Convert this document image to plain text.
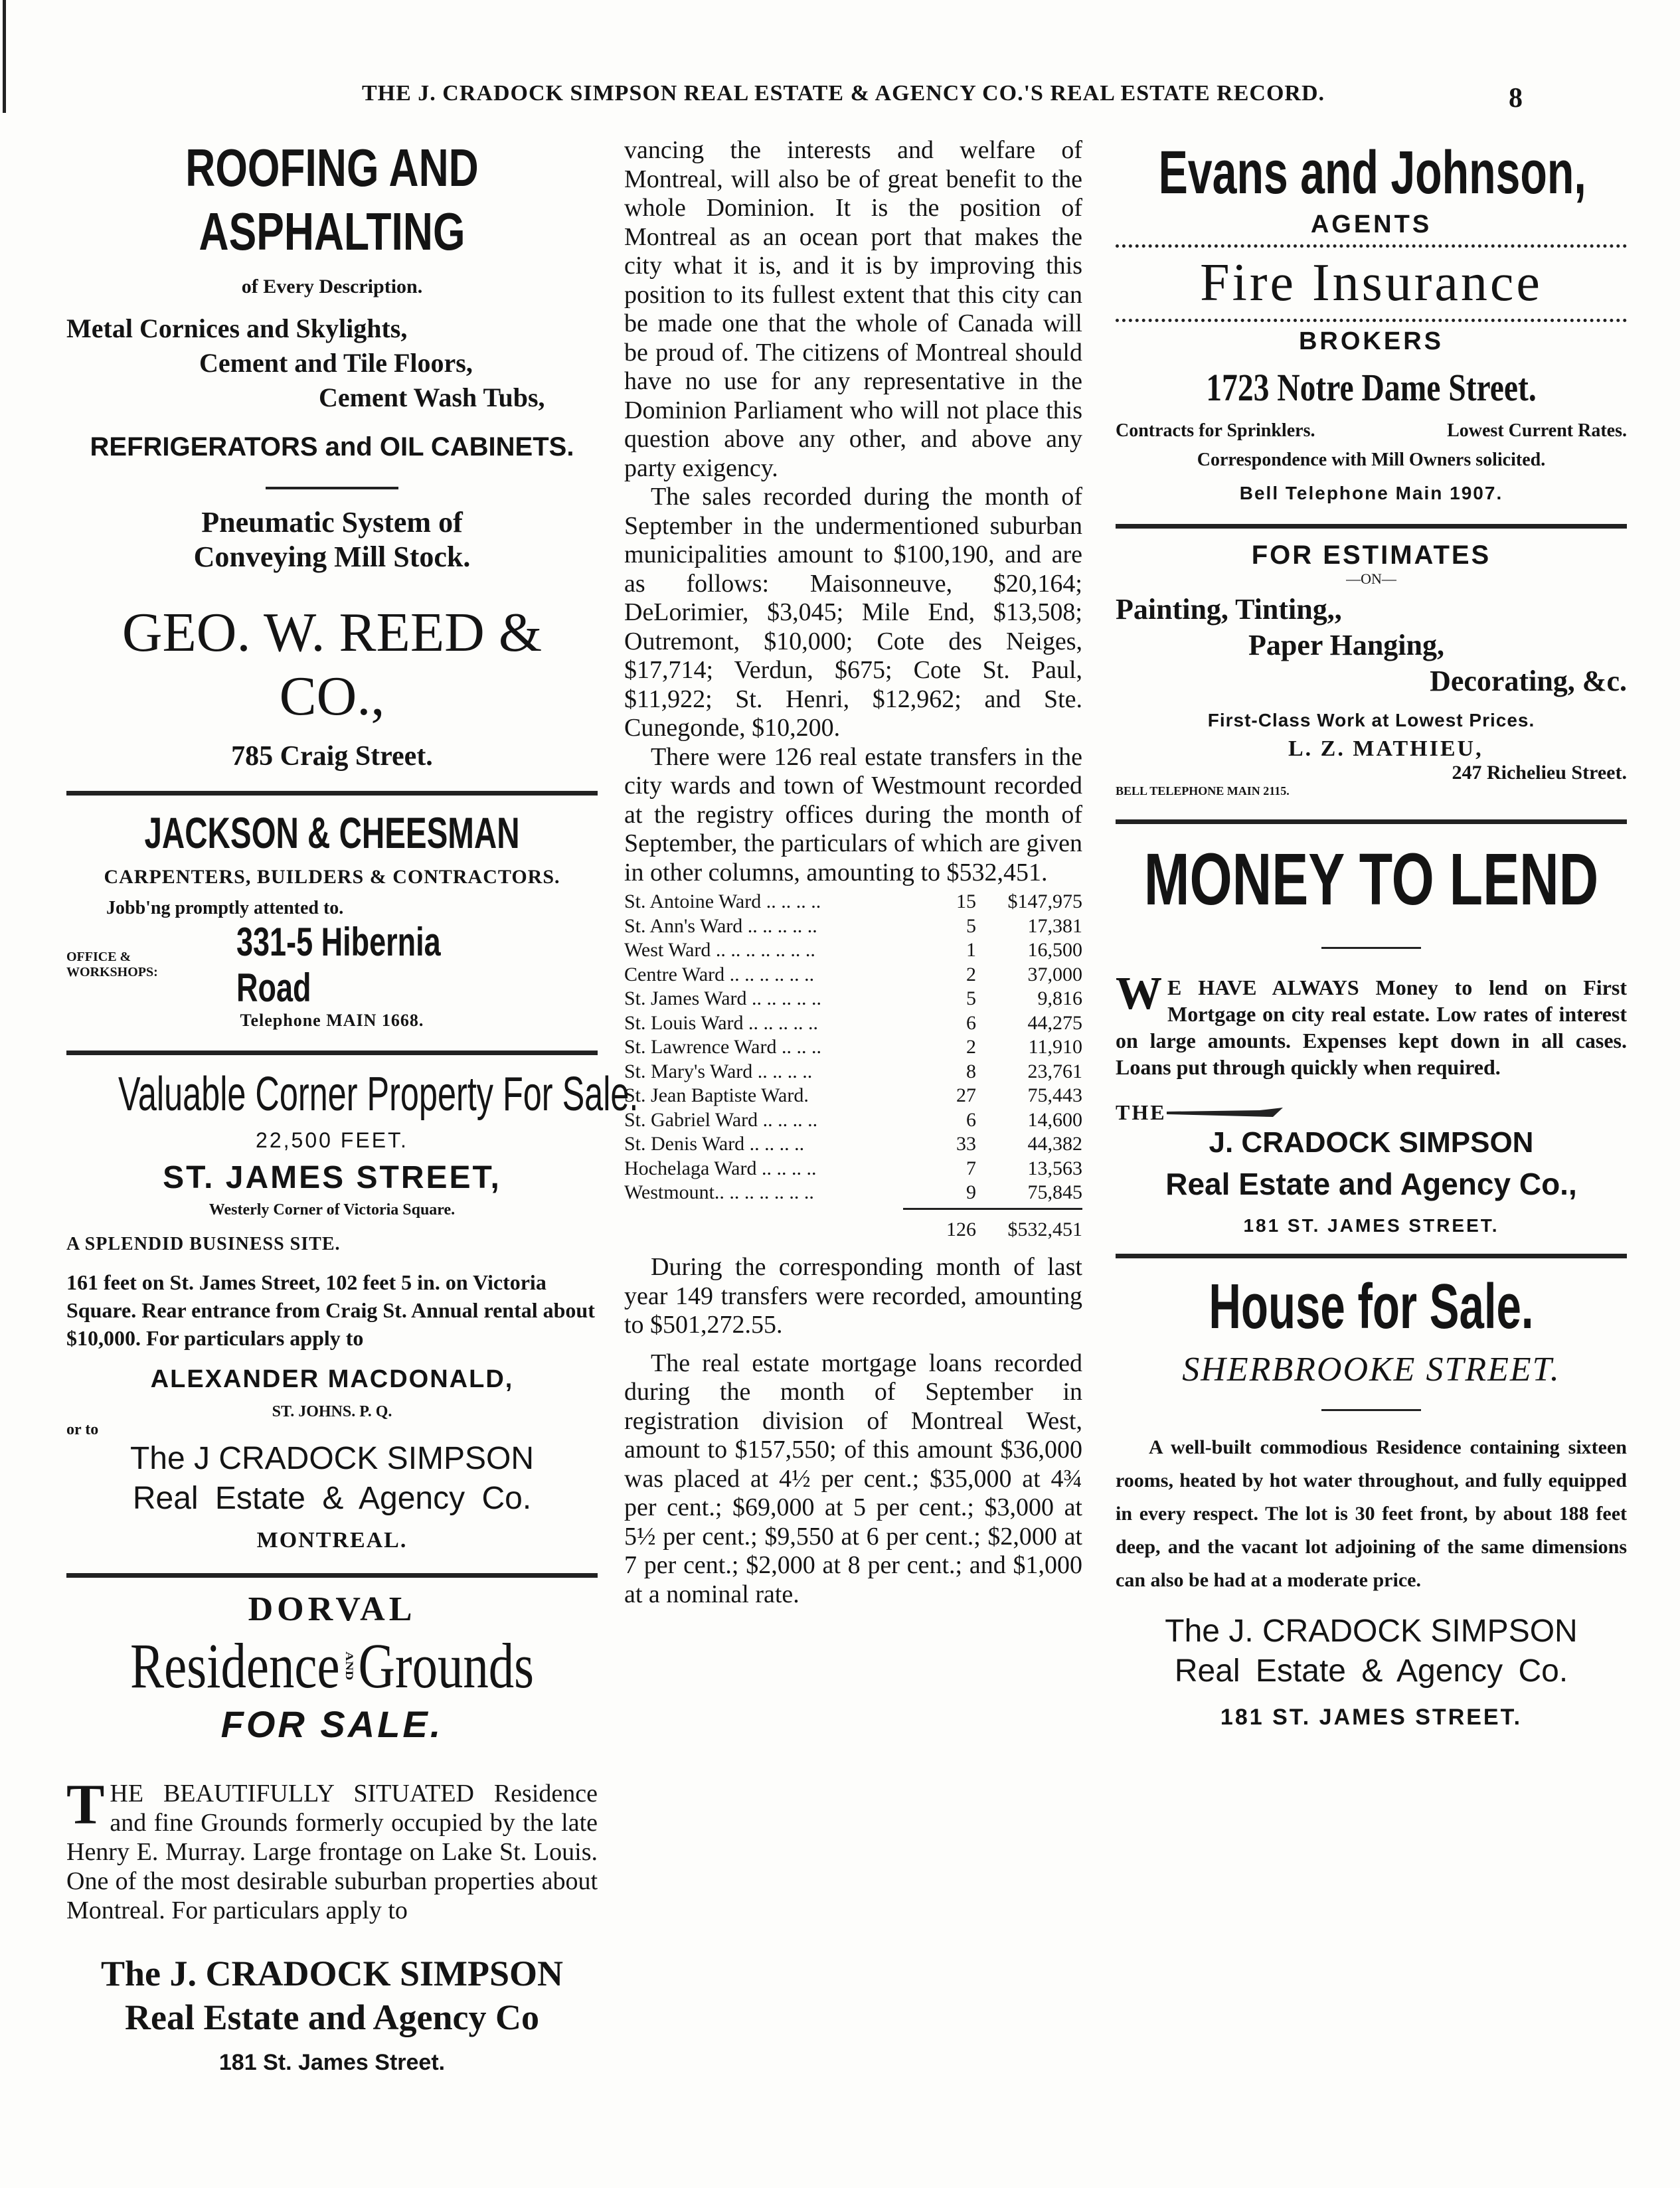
THE J. CRADOCK SIMPSON REAL ESTATE & AGENCY CO.'S REAL ESTATE RECORD.	8
ROOFING AND ASPHALTING
of Every Description.
Metal Cornices and Skylights,
Cement and Tile Floors,
Cement Wash Tubs,
REFRIGERATORS and OIL CABINETS.
Pneumatic System of
Conveying Mill Stock.
GEO. W. REED & CO.,
785 Craig Street.
JACKSON & CHEESMAN
CARPENTERS, BUILDERS & CONTRACTORS.
Jobb'ng promptly attented to.
OFFICE & WORKSHOPS:
331-5 Hibernia Road
Telephone MAIN 1668.
Valuable Corner Property For Sale.
22,500 FEET.
ST. JAMES STREET,
Westerly Corner of Victoria Square.
A SPLENDID BUSINESS SITE.
161 feet on St. James Street, 102 feet 5 in. on Victoria Square. Rear entrance from Craig St. Annual rental about $10,000. For particulars apply to
ALEXANDER MACDONALD,
ST. JOHNS. P. Q.
or to
The J CRADOCK SIMPSON
Real Estate & Agency Co.
MONTREAL.
DORVAL
Residence AND Grounds
FOR SALE.
THE BEAUTIFULLY SITUATED Residence and fine Grounds formerly occupied by the late Henry E. Murray. Large frontage on Lake St. Louis. One of the most desirable suburban properties about Montreal. For particulars apply to
The J. CRADOCK SIMPSON
Real Estate and Agency Co
181 St. James Street.

vancing the interests and welfare of Montreal, will also be of great benefit to the whole Dominion. It is the position of Montreal as an ocean port that makes the city what it is, and it is by improving this position to its fullest extent that this city can be made one that the whole of Canada will be proud of. The citizens of Montreal should have no use for any representative in the Dominion Parliament who will not place this question above any other, and above any party exigency.

The sales recorded during the month of September in the undermentioned suburban municipalities amount to $100,190, and are as follows: Maisonneuve, $20,164; DeLorimier, $3,045; Mile End, $13,508; Outremont, $10,000; Cote des Neiges, $17,714; Verdun, $675; Cote St. Paul, $11,922; St. Henri, $12,962; and Ste. Cunegonde, $10,200.

There were 126 real estate transfers in the city wards and town of Westmount recorded at the registry offices during the month of September, the particulars of which are given in other columns, amounting to $532,451.

St. Antoine Ward .. .. .. ..	15	$147,975
St. Ann's Ward .. .. .. .. ..	5	17,381
West Ward .. .. .. .. .. .. ..	1	16,500
Centre Ward .. .. .. .. .. ..	2	37,000
St. James Ward .. .. .. .. ..	5	9,816
St. Louis Ward .. .. .. .. ..	6	44,275
St. Lawrence Ward .. .. ..	2	11,910
St. Mary's Ward .. .. .. ..	8	23,761
St. Jean Baptiste Ward.	27	75,443
St. Gabriel Ward .. .. .. ..	6	14,600
St. Denis Ward .. .. .. ..	33	44,382
Hochelaga Ward .. .. .. ..	7	13,563
Westmount.. .. .. .. .. .. ..	9	75,845
126	$532,451

During the corresponding month of last year 149 transfers were recorded, amounting to $501,272.55.

The real estate mortgage loans recorded during the month of September in registration division of Montreal West, amount to $157,550; of this amount $36,000 was placed at 4½ per cent.; $35,000 at 4¾ per cent.; $69,000 at 5 per cent.; $3,000 at 5½ per cent.; $9,550 at 6 per cent.; $2,000 at 7 per cent.; $2,000 at 8 per cent.; and $1,000 at a nominal rate.

Evans and Johnson,
AGENTS
Fire Insurance
BROKERS
1723 Notre Dame Street.
Contracts for Sprinklers.	Lowest Current Rates.
Correspondence with Mill Owners solicited.
Bell Telephone Main 1907.
FOR ESTIMATES
—ON—
Painting, Tinting,,
Paper Hanging,
Decorating, &c.
First-Class Work at Lowest Prices.
L. Z. MATHIEU,
247 Richelieu Street.
BELL TELEPHONE MAIN 2115.
MONEY TO LEND
W E HAVE ALWAYS Money to lend on First Mortgage on city real estate. Low rates of interest on large amounts. Expenses kept down in all cases. Loans put through quickly when required.
THE
J. CRADOCK SIMPSON
Real Estate and Agency Co.,
181 ST. JAMES STREET.
House for Sale.
SHERBROOKE STREET.
A well-built commodious Residence containing sixteen rooms, heated by hot water throughout, and fully equipped in every respect. The lot is 30 feet front, by about 188 feet deep, and the vacant lot adjoining of the same dimensions can also be had at a moderate price.
The J. CRADOCK SIMPSON
Real Estate & Agency Co.
181 ST. JAMES STREET.
